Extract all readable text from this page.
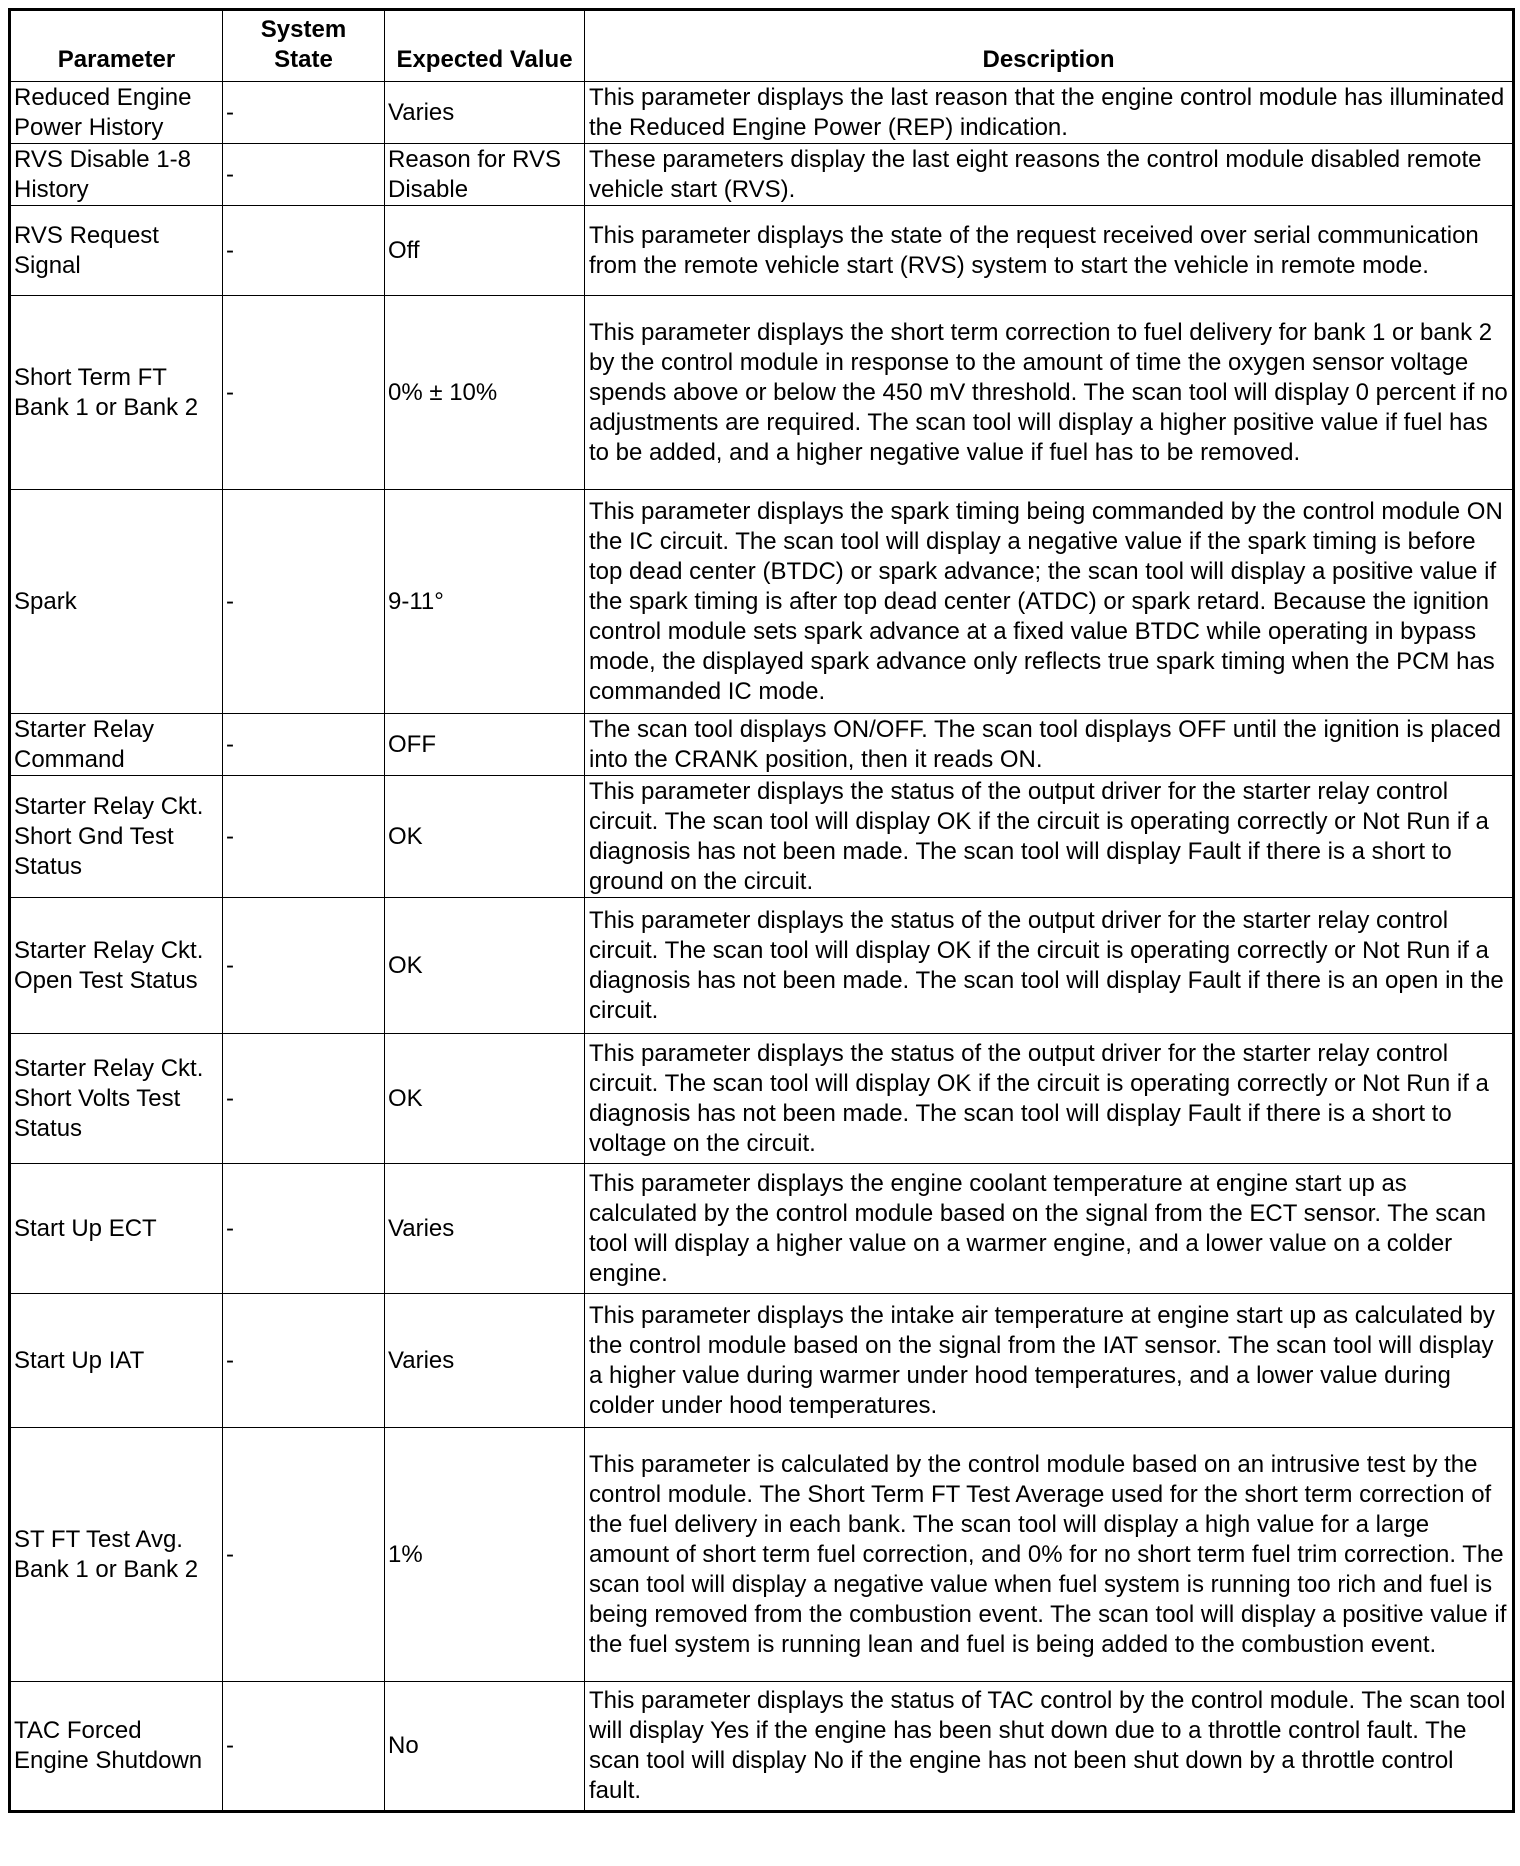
Parameter	System State	Expected Value	Description
Reduced Engine Power History	-	Varies	This parameter displays the last reason that the engine control module has illuminated the Reduced Engine Power (REP) indication.
RVS Disable 1-8 History	-	Reason for RVS Disable	These parameters display the last eight reasons the control module disabled remote vehicle start (RVS).
RVS Request Signal	-	Off	This parameter displays the state of the request received over serial communication from the remote vehicle start (RVS) system to start the vehicle in remote mode.
Short Term FT Bank 1 or Bank 2	-	0% ± 10%	This parameter displays the short term correction to fuel delivery for bank 1 or bank 2 by the control module in response to the amount of time the oxygen sensor voltage spends above or below the 450 mV threshold. The scan tool will display 0 percent if no adjustments are required. The scan tool will display a higher positive value if fuel has to be added, and a higher negative value if fuel has to be removed.
Spark	-	9-11°	This parameter displays the spark timing being commanded by the control module ON the IC circuit. The scan tool will display a negative value if the spark timing is before top dead center (BTDC) or spark advance; the scan tool will display a positive value if the spark timing is after top dead center (ATDC) or spark retard. Because the ignition control module sets spark advance at a fixed value BTDC while operating in bypass mode, the displayed spark advance only reflects true spark timing when the PCM has commanded IC mode.
Starter Relay Command	-	OFF	The scan tool displays ON/OFF. The scan tool displays OFF until the ignition is placed into the CRANK position, then it reads ON.
Starter Relay Ckt. Short Gnd Test Status	-	OK	This parameter displays the status of the output driver for the starter relay control circuit. The scan tool will display OK if the circuit is operating correctly or Not Run if a diagnosis has not been made. The scan tool will display Fault if there is a short to ground on the circuit.
Starter Relay Ckt. Open Test Status	-	OK	This parameter displays the status of the output driver for the starter relay control circuit. The scan tool will display OK if the circuit is operating correctly or Not Run if a diagnosis has not been made. The scan tool will display Fault if there is an open in the circuit.
Starter Relay Ckt. Short Volts Test Status	-	OK	This parameter displays the status of the output driver for the starter relay control circuit. The scan tool will display OK if the circuit is operating correctly or Not Run if a diagnosis has not been made. The scan tool will display Fault if there is a short to voltage on the circuit.
Start Up ECT	-	Varies	This parameter displays the engine coolant temperature at engine start up as calculated by the control module based on the signal from the ECT sensor. The scan tool will display a higher value on a warmer engine, and a lower value on a colder engine.
Start Up IAT	-	Varies	This parameter displays the intake air temperature at engine start up as calculated by the control module based on the signal from the IAT sensor. The scan tool will display a higher value during warmer under hood temperatures, and a lower value during colder under hood temperatures.
ST FT Test Avg. Bank 1 or Bank 2	-	1%	This parameter is calculated by the control module based on an intrusive test by the control module. The Short Term FT Test Average used for the short term correction of the fuel delivery in each bank. The scan tool will display a high value for a large amount of short term fuel correction, and 0% for no short term fuel trim correction. The scan tool will display a negative value when fuel system is running too rich and fuel is being removed from the combustion event. The scan tool will display a positive value if the fuel system is running lean and fuel is being added to the combustion event.
TAC Forced Engine Shutdown	-	No	This parameter displays the status of TAC control by the control module. The scan tool will display Yes if the engine has been shut down due to a throttle control fault. The scan tool will display No if the engine has not been shut down by a throttle control fault.
